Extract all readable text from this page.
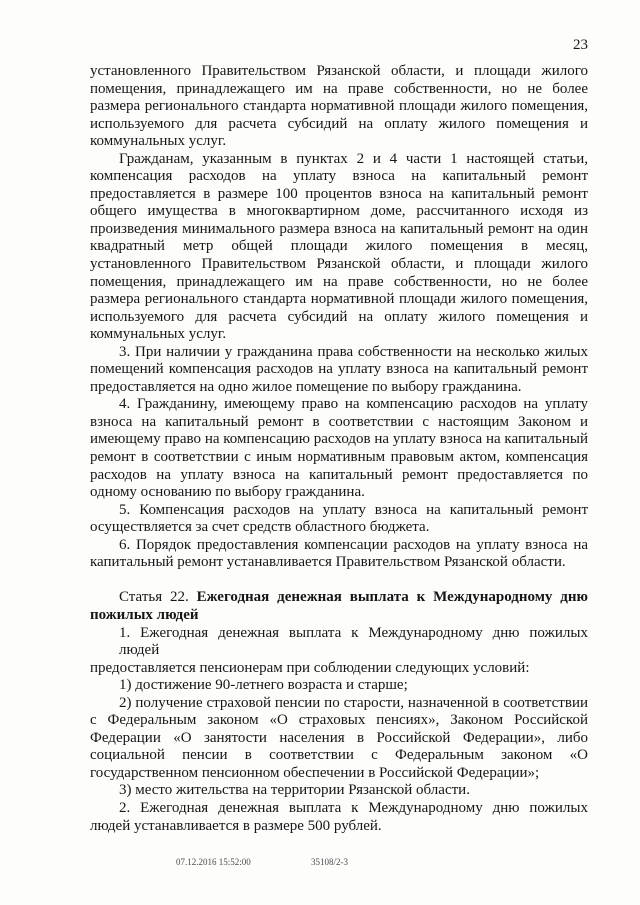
23
установленного Правительством Рязанской области, и площади жилого
помещения, принадлежащего им на праве собственности, но не более
размера регионального стандарта нормативной площади жилого помещения,
используемого для расчета субсидий на оплату жилого помещения и
коммунальных услуг.
Гражданам, указанным в пунктах 2 и 4 части 1 настоящей статьи,
компенсация расходов на уплату взноса на капитальный ремонт
предоставляется в размере 100 процентов взноса на капитальный ремонт
общего имущества в многоквартирном доме, рассчитанного исходя из
произведения минимального размера взноса на капитальный ремонт на один
квадратный метр общей площади жилого помещения в месяц,
установленного Правительством Рязанской области, и площади жилого
помещения, принадлежащего им на праве собственности, но не более
размера регионального стандарта нормативной площади жилого помещения,
используемого для расчета субсидий на оплату жилого помещения и
коммунальных услуг.
3. При наличии у гражданина права собственности на несколько жилых
помещений компенсация расходов на уплату взноса на капитальный ремонт
предоставляется на одно жилое помещение по выбору гражданина.
4. Гражданину, имеющему право на компенсацию расходов на уплату
взноса на капитальный ремонт в соответствии с настоящим Законом и
имеющему право на компенсацию расходов на уплату взноса на капитальный
ремонт в соответствии с иным нормативным правовым актом, компенсация
расходов на уплату взноса на капитальный ремонт предоставляется по
одному основанию по выбору гражданина.
5. Компенсация расходов на уплату взноса на капитальный ремонт
осуществляется за счет средств областного бюджета.
6. Порядок предоставления компенсации расходов на уплату взноса на
капитальный ремонт устанавливается Правительством Рязанской области.
Статья 22. Ежегодная денежная выплата к Международному дню
пожилых людей
1. Ежегодная денежная выплата к Международному дню пожилых людей
предоставляется пенсионерам при соблюдении следующих условий:
1) достижение 90-летнего возраста и старше;
2) получение страховой пенсии по старости, назначенной в соответствии
с Федеральным законом «О страховых пенсиях», Законом Российской
Федерации «О занятости населения в Российской Федерации», либо
социальной пенсии в соответствии с Федеральным законом «О
государственном пенсионном обеспечении в Российской Федерации»;
3) место жительства на территории Рязанской области.
2. Ежегодная денежная выплата к Международному дню пожилых
людей устанавливается в размере 500 рублей.
07.12.2016 15:52:00	35108/2-3
